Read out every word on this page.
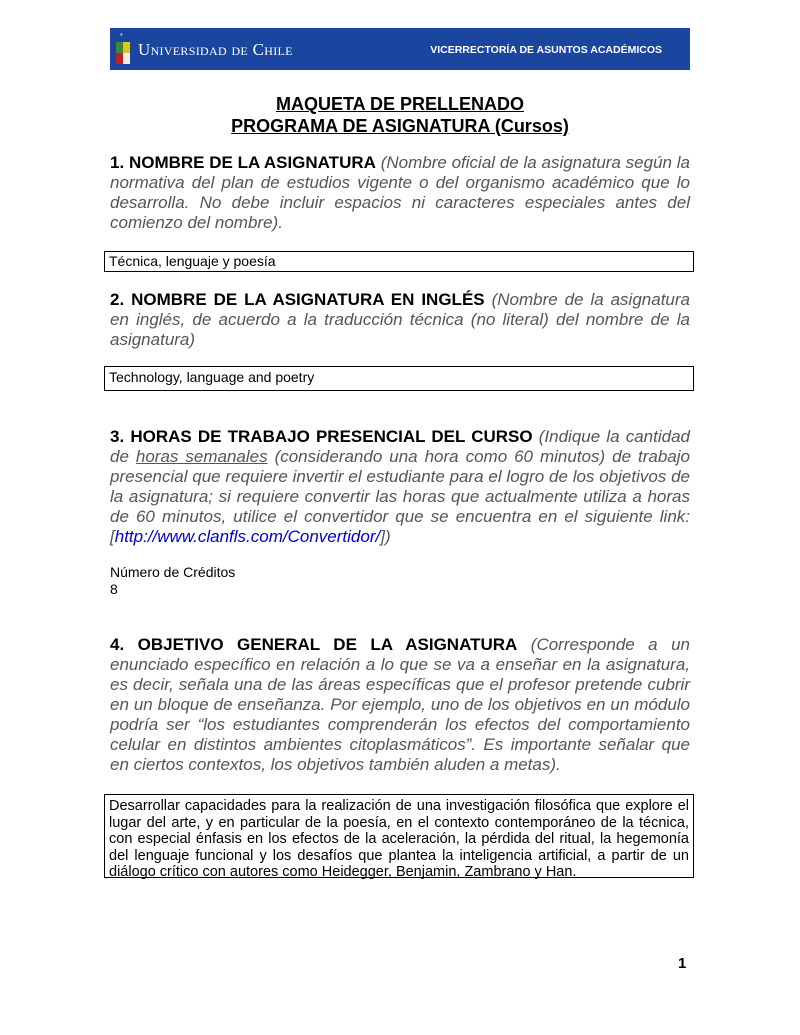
*
Universidad de Chile	VICERRECTORÍA DE ASUNTOS ACADÉMICOS
MAQUETA DE PRELLENADO
PROGRAMA DE ASIGNATURA (Cursos)
1. NOMBRE DE LA ASIGNATURA (Nombre oficial de la asignatura según la normativa del plan de estudios vigente o del organismo académico que lo desarrolla. No debe incluir espacios ni caracteres especiales antes del comienzo del nombre).
Técnica, lenguaje y poesía
2. NOMBRE DE LA ASIGNATURA EN INGLÉS (Nombre de la asignatura en inglés, de acuerdo a la traducción técnica (no literal) del nombre de la asignatura)
Technology, language and poetry
3. HORAS DE TRABAJO PRESENCIAL DEL CURSO (Indique la cantidad de horas semanales (considerando una hora como 60 minutos) de trabajo presencial que requiere invertir el estudiante para el logro de los objetivos de la asignatura; si requiere convertir las horas que actualmente utiliza a horas de 60 minutos, utilice el convertidor que se encuentra en el siguiente link: [http://www.clanfls.com/Convertidor/])
Número de Créditos
8
4. OBJETIVO GENERAL DE LA ASIGNATURA (Corresponde a un enunciado específico en relación a lo que se va a enseñar en la asignatura, es decir, señala una de las áreas específicas que el profesor pretende cubrir en un bloque de enseñanza. Por ejemplo, uno de los objetivos en un módulo podría ser “los estudiantes comprenderán los efectos del comportamiento celular en distintos ambientes citoplasmáticos”. Es importante señalar que en ciertos contextos, los objetivos también aluden a metas).
Desarrollar capacidades para la realización de una investigación filosófica que explore el lugar del arte, y en particular de la poesía, en el contexto contemporáneo de la técnica, con especial énfasis en los efectos de la aceleración, la pérdida del ritual, la hegemonía del lenguaje funcional y los desafíos que plantea la inteligencia artificial, a partir de un diálogo crítico con autores como Heidegger, Benjamin, Zambrano y Han.
1
